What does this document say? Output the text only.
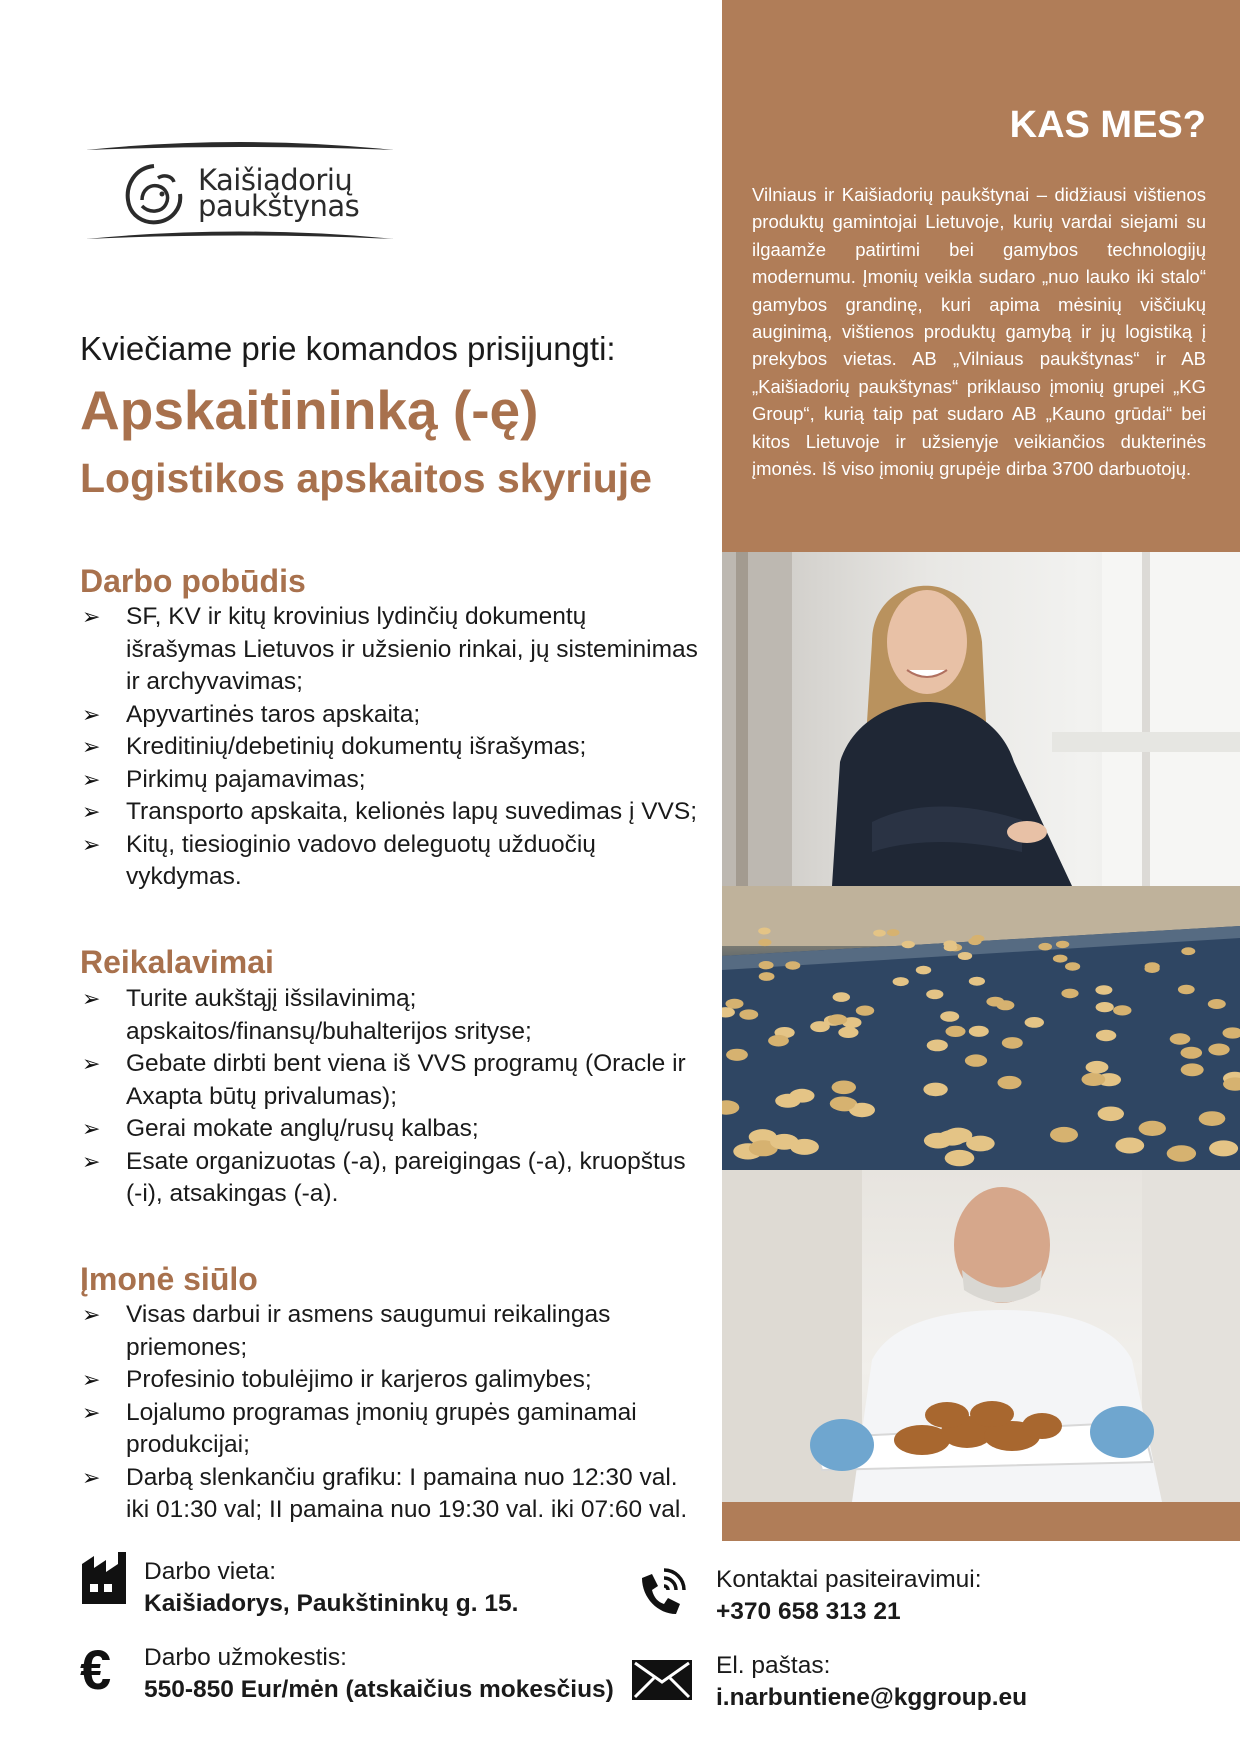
Kaišiadorių
paukštynas
Kviečiame prie komandos prisijungti:
Apskaitininką (-ę)
Logistikos apskaitos skyriuje
Darbo pobūdis
➢ SF, KV ir kitų krovinius lydinčių dokumentų išrašymas Lietuvos ir užsienio rinkai, jų sisteminimas ir archyvavimas;
➢ Apyvartinės taros apskaita;
➢ Kreditinių/debetinių dokumentų išrašymas;
➢ Pirkimų pajamavimas;
➢ Transporto apskaita, kelionės lapų suvedimas į VVS;
➢ Kitų, tiesioginio vadovo deleguotų užduočių vykdymas.
Reikalavimai
➢ Turite aukštąjį išsilavinimą; apskaitos/finansų/buhalterijos srityse;
➢ Gebate dirbti bent viena iš VVS programų (Oracle ir Axapta būtų privalumas);
➢ Gerai mokate anglų/rusų kalbas;
➢ Esate organizuotas (-a), pareigingas (-a), kruopštus (-i), atsakingas (-a).
Įmonė siūlo
➢ Visas darbui ir asmens saugumui reikalingas priemones;
➢ Profesinio tobulėjimo ir karjeros galimybes;
➢ Lojalumo programas įmonių grupės gaminamai produkcijai;
➢ Darbą slenkančiu grafiku: I pamaina nuo 12:30 val. iki 01:30 val; II pamaina nuo 19:30 val. iki 07:60 val.
KAS MES?
Vilniaus ir Kaišiadorių paukštynai – didžiausi vištienos produktų gamintojai Lietuvoje, kurių vardai siejami su ilgaamže patirtimi bei gamybos technologijų modernumu. Įmonių veikla sudaro „nuo lauko iki stalo“ gamybos grandinę, kuri apima mėsinių viščiukų auginimą, vištienos produktų gamybą ir jų logistiką į prekybos vietas. AB „Vilniaus paukštynas“ ir AB „Kaišiadorių paukštynas“ priklauso įmonių grupei „KG Group“, kurią taip pat sudaro AB „Kauno grūdai“ bei kitos Lietuvoje ir užsienyje veikiančios dukterinės įmonės. Iš viso įmonių grupėje dirba 3700 darbuotojų.
Darbo vieta:
Kaišiadorys, Paukštininkų g. 15.
€ Darbo užmokestis:
550-850 Eur/mėn (atskaičius mokesčius)
Kontaktai pasiteiravimui:
+370 658 313 21
El. paštas:
i.narbuntiene@kggroup.eu
